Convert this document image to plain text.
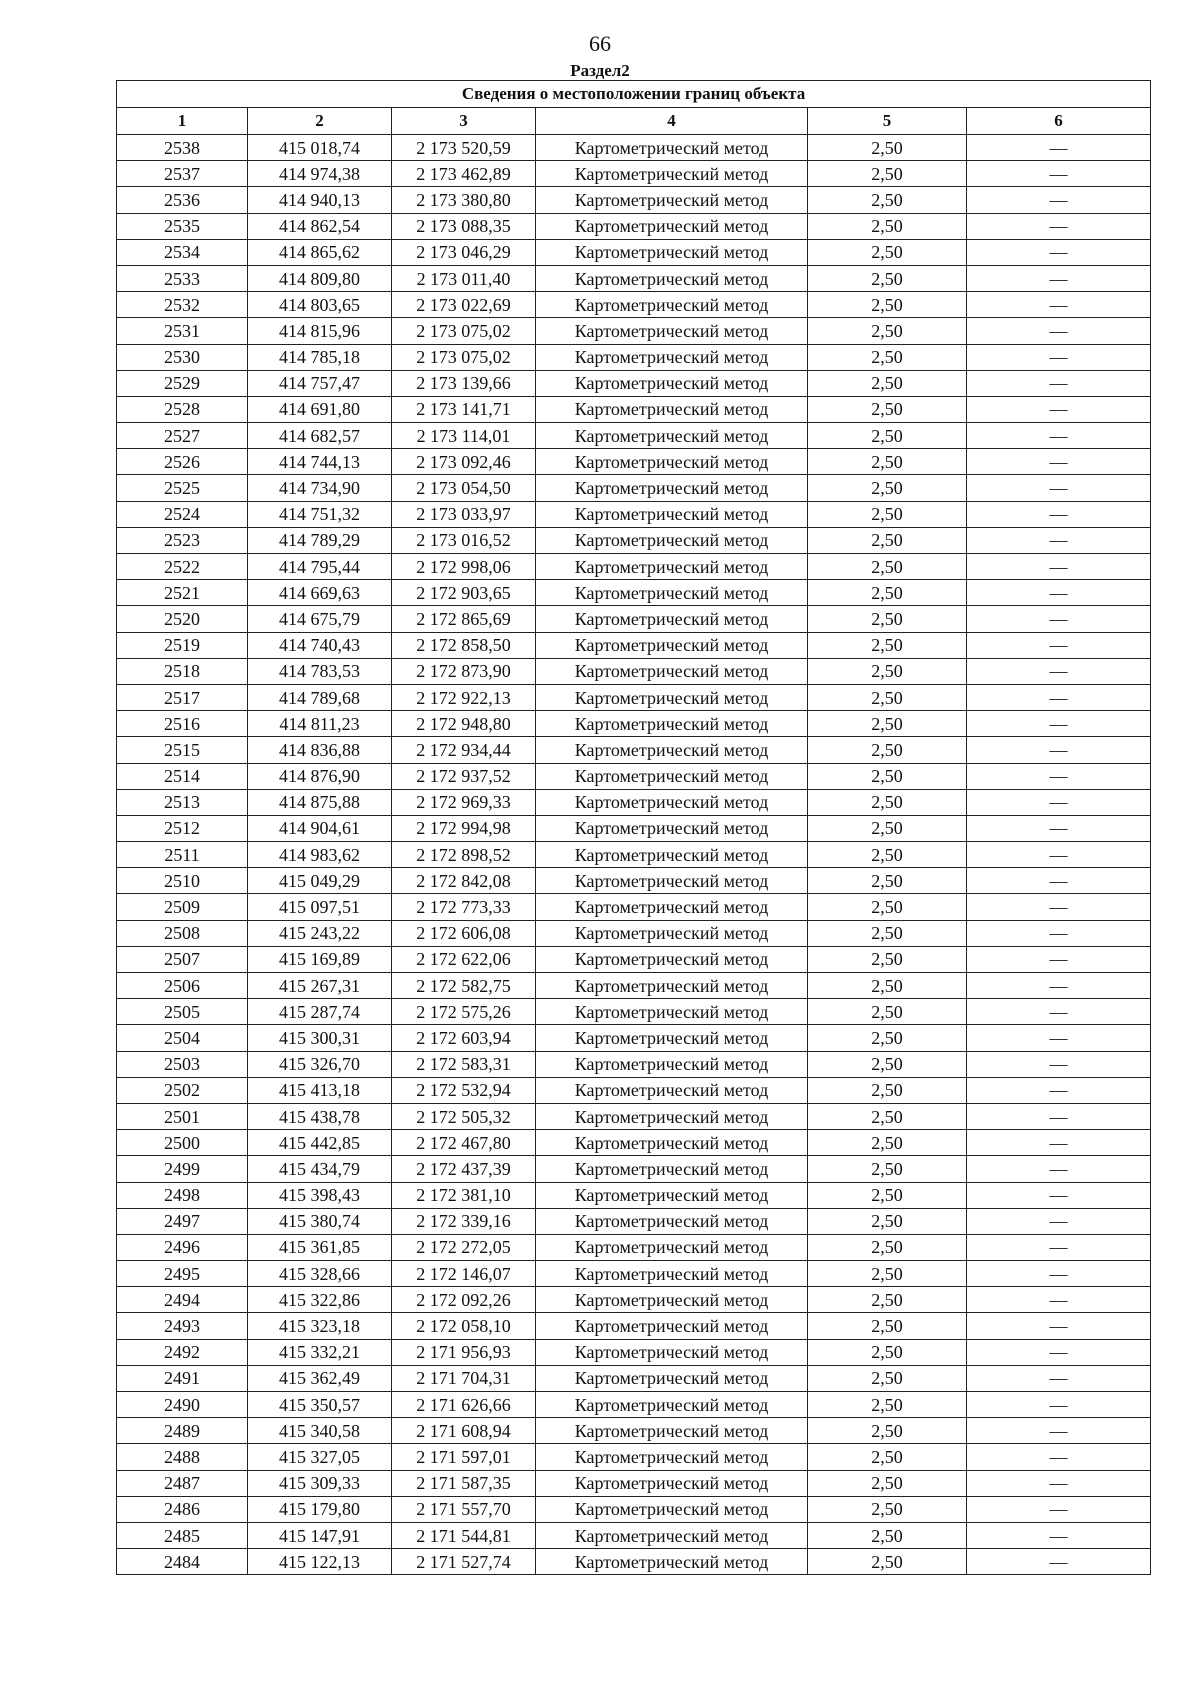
66
Раздел2
Сведения о местоположении границ объекта					
1	2	3	4	5	6
2538	415 018,74	2 173 520,59	Картометрический метод	2,50	—
2537	414 974,38	2 173 462,89	Картометрический метод	2,50	—
2536	414 940,13	2 173 380,80	Картометрический метод	2,50	—
2535	414 862,54	2 173 088,35	Картометрический метод	2,50	—
2534	414 865,62	2 173 046,29	Картометрический метод	2,50	—
2533	414 809,80	2 173 011,40	Картометрический метод	2,50	—
2532	414 803,65	2 173 022,69	Картометрический метод	2,50	—
2531	414 815,96	2 173 075,02	Картометрический метод	2,50	—
2530	414 785,18	2 173 075,02	Картометрический метод	2,50	—
2529	414 757,47	2 173 139,66	Картометрический метод	2,50	—
2528	414 691,80	2 173 141,71	Картометрический метод	2,50	—
2527	414 682,57	2 173 114,01	Картометрический метод	2,50	—
2526	414 744,13	2 173 092,46	Картометрический метод	2,50	—
2525	414 734,90	2 173 054,50	Картометрический метод	2,50	—
2524	414 751,32	2 173 033,97	Картометрический метод	2,50	—
2523	414 789,29	2 173 016,52	Картометрический метод	2,50	—
2522	414 795,44	2 172 998,06	Картометрический метод	2,50	—
2521	414 669,63	2 172 903,65	Картометрический метод	2,50	—
2520	414 675,79	2 172 865,69	Картометрический метод	2,50	—
2519	414 740,43	2 172 858,50	Картометрический метод	2,50	—
2518	414 783,53	2 172 873,90	Картометрический метод	2,50	—
2517	414 789,68	2 172 922,13	Картометрический метод	2,50	—
2516	414 811,23	2 172 948,80	Картометрический метод	2,50	—
2515	414 836,88	2 172 934,44	Картометрический метод	2,50	—
2514	414 876,90	2 172 937,52	Картометрический метод	2,50	—
2513	414 875,88	2 172 969,33	Картометрический метод	2,50	—
2512	414 904,61	2 172 994,98	Картометрический метод	2,50	—
2511	414 983,62	2 172 898,52	Картометрический метод	2,50	—
2510	415 049,29	2 172 842,08	Картометрический метод	2,50	—
2509	415 097,51	2 172 773,33	Картометрический метод	2,50	—
2508	415 243,22	2 172 606,08	Картометрический метод	2,50	—
2507	415 169,89	2 172 622,06	Картометрический метод	2,50	—
2506	415 267,31	2 172 582,75	Картометрический метод	2,50	—
2505	415 287,74	2 172 575,26	Картометрический метод	2,50	—
2504	415 300,31	2 172 603,94	Картометрический метод	2,50	—
2503	415 326,70	2 172 583,31	Картометрический метод	2,50	—
2502	415 413,18	2 172 532,94	Картометрический метод	2,50	—
2501	415 438,78	2 172 505,32	Картометрический метод	2,50	—
2500	415 442,85	2 172 467,80	Картометрический метод	2,50	—
2499	415 434,79	2 172 437,39	Картометрический метод	2,50	—
2498	415 398,43	2 172 381,10	Картометрический метод	2,50	—
2497	415 380,74	2 172 339,16	Картометрический метод	2,50	—
2496	415 361,85	2 172 272,05	Картометрический метод	2,50	—
2495	415 328,66	2 172 146,07	Картометрический метод	2,50	—
2494	415 322,86	2 172 092,26	Картометрический метод	2,50	—
2493	415 323,18	2 172 058,10	Картометрический метод	2,50	—
2492	415 332,21	2 171 956,93	Картометрический метод	2,50	—
2491	415 362,49	2 171 704,31	Картометрический метод	2,50	—
2490	415 350,57	2 171 626,66	Картометрический метод	2,50	—
2489	415 340,58	2 171 608,94	Картометрический метод	2,50	—
2488	415 327,05	2 171 597,01	Картометрический метод	2,50	—
2487	415 309,33	2 171 587,35	Картометрический метод	2,50	—
2486	415 179,80	2 171 557,70	Картометрический метод	2,50	—
2485	415 147,91	2 171 544,81	Картометрический метод	2,50	—
2484	415 122,13	2 171 527,74	Картометрический метод	2,50	—
